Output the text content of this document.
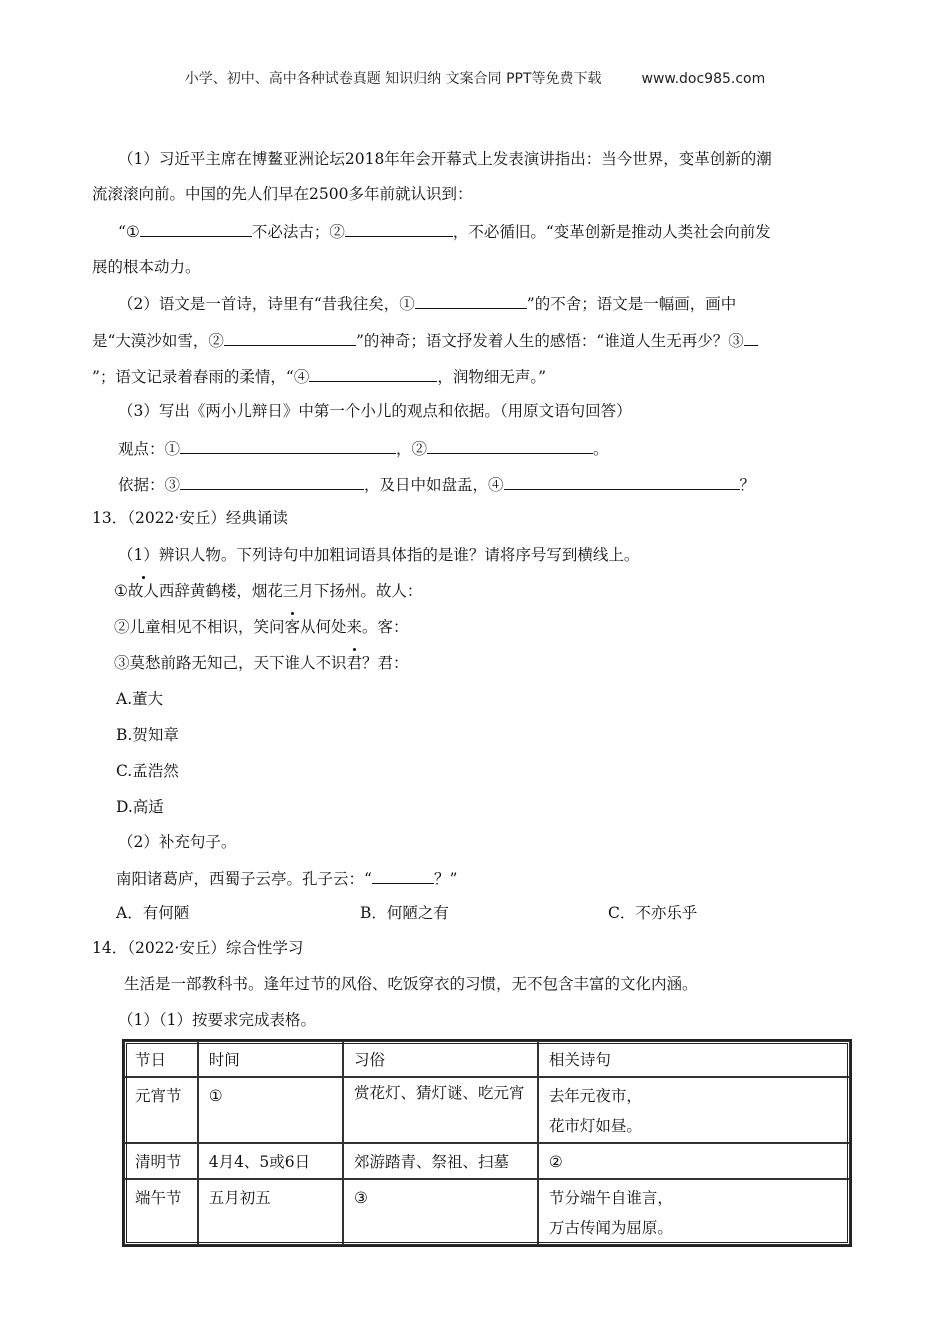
小学、初中、高中各种试卷真题 知识归纳 文案合同 PPT等免费下载	www.doc985.com
（1）习近平主席在博鳌亚洲论坛2018年年会开幕式上发表演讲指出：当今世界，变革创新的潮
流滚滚向前。中国的先人们早在2500多年前就认识到：
“①	不必法古；②	，不必循旧。“变革创新是推动人类社会向前发
展的根本动力。
（2）语文是一首诗，诗里有“昔我往矣，①	”的不舍；语文是一幅画，画中
是“大漠沙如雪，②	”的神奇；语文抒发着人生的感悟：“谁道人生无再少？③
”；语文记录着春雨的柔情，“④	，润物细无声。”
（3）写出《两小儿辩日》中第一个小儿的观点和依据。（用原文语句回答）
观点：①	，②	。
依据：③	，及日中如盘盂，④	？
13．（2022·安丘）经典诵读
（1）辨识人物。下列诗句中加粗词语具体指的是谁？请将序号写到横线上。
①故人西辞黄鹤楼，烟花三月下扬州。故人：
②儿童相见不相识，笑问客从何处来。客：
③莫愁前路无知己，天下谁人不识君？君：
A.董大
B.贺知章
C.孟浩然
D.高适
（2）补充句子。
南阳诸葛庐，西蜀子云亭。孔子云：“	？”
A．有何陋	B．何陋之有	C．不亦乐乎
14．（2022·安丘）综合性学习
生活是一部教科书。逢年过节的风俗、吃饭穿衣的习惯，无不包含丰富的文化内涵。
（1）（1）按要求完成表格。
节日	时间	习俗	相关诗句
元宵节	①	赏花灯、猜灯谜、吃元宵	去年元夜市，
花市灯如昼。

清明节	4月4、5或6日	郊游踏青、祭祖、扫墓	②
端午节	五月初五	③	节分端午自谁言，
万古传闻为屈原。
